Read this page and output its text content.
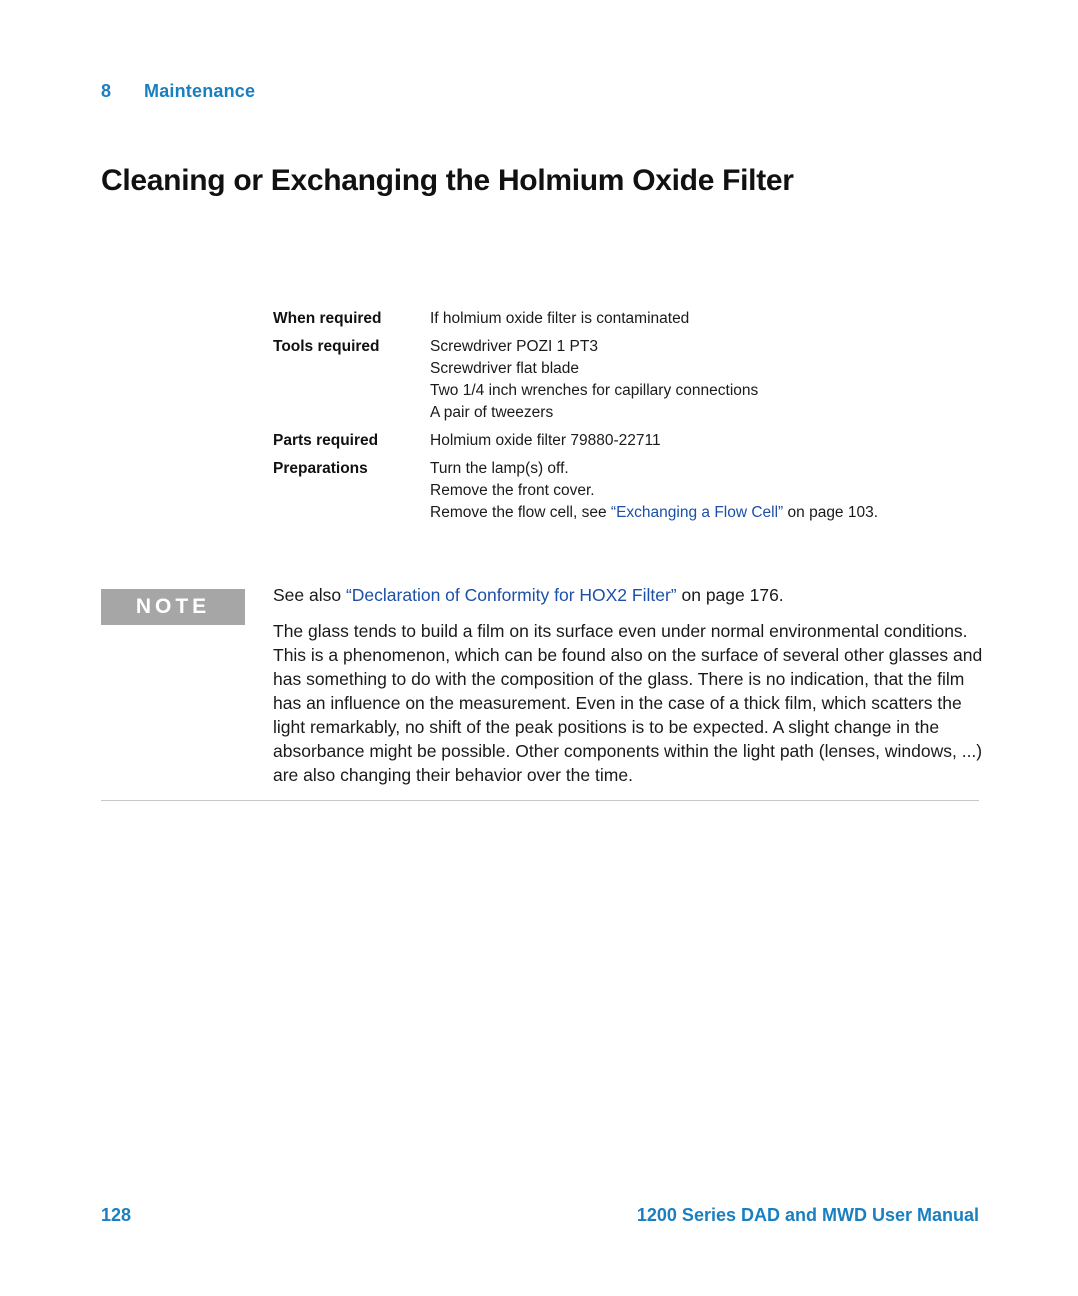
8 Maintenance
Cleaning or Exchanging the Holmium Oxide Filter
When required	If holmium oxide filter is contaminated
Tools required	Screwdriver POZI 1 PT3
Screwdriver flat blade
Two 1/4 inch wrenches for capillary connections
A pair of tweezers
Parts required	Holmium oxide filter 79880-22711
Preparations	Turn the lamp(s) off.
Remove the front cover.
Remove the flow cell, see “Exchanging a Flow Cell” on page 103.
NOTE	See also “Declaration of Conformity for HOX2 Filter” on page 176.

The glass tends to build a film on its surface even under normal environmental conditions. This is a phenomenon, which can be found also on the surface of several other glasses and has something to do with the composition of the glass. There is no indication, that the film has an influence on the measurement. Even in the case of a thick film, which scatters the light remarkably, no shift of the peak positions is to be expected. A slight change in the absorbance might be possible. Other components within the light path (lenses, windows, ...) are also changing their behavior over the time.

128	1200 Series DAD and MWD User Manual
